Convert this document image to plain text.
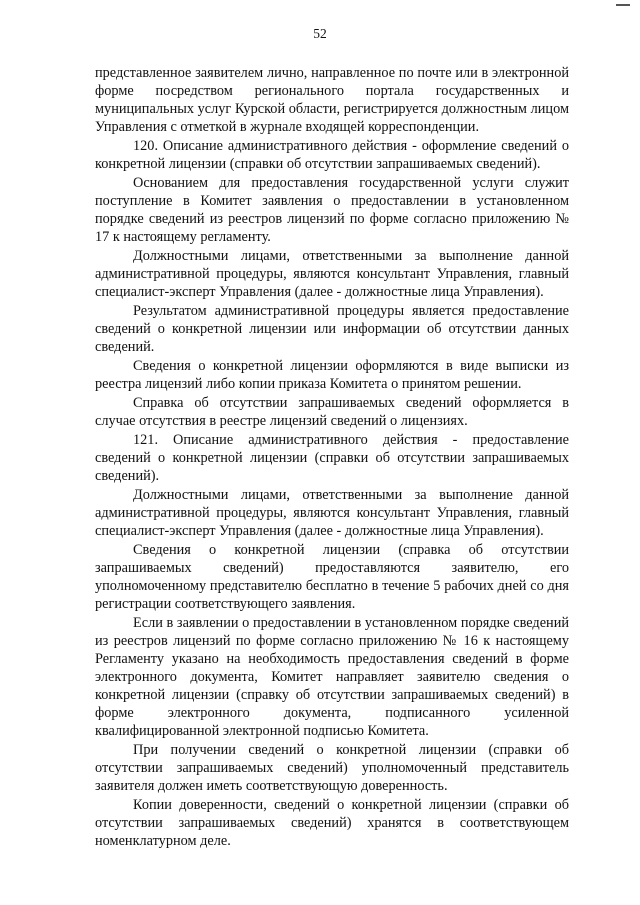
52

представленное заявителем лично, направленное по почте или в электронной форме посредством регионального портала государственных и муниципальных услуг Курской области, регистрируется должностным лицом Управления с отметкой в журнале входящей корреспонденции.

120. Описание административного действия - оформление сведений о конкретной лицензии (справки об отсутствии запрашиваемых сведений).

Основанием для предоставления государственной услуги служит поступление в Комитет заявления о предоставлении в установленном порядке сведений из реестров лицензий по форме согласно приложению № 17 к настоящему регламенту.

Должностными лицами, ответственными за выполнение данной административной процедуры, являются консультант Управления, главный специалист-эксперт Управления (далее - должностные лица Управления).

Результатом административной процедуры является предоставление сведений о конкретной лицензии или информации об отсутствии данных сведений.

Сведения о конкретной лицензии оформляются в виде выписки из реестра лицензий либо копии приказа Комитета о принятом решении.

Справка об отсутствии запрашиваемых сведений оформляется в случае отсутствия в реестре лицензий сведений о лицензиях.

121. Описание административного действия - предоставление сведений о конкретной лицензии (справки об отсутствии запрашиваемых сведений).

Должностными лицами, ответственными за выполнение данной административной процедуры, являются консультант Управления, главный специалист-эксперт Управления (далее - должностные лица Управления).

Сведения о конкретной лицензии (справка об отсутствии запрашиваемых сведений) предоставляются заявителю, его уполномоченному представителю бесплатно в течение 5 рабочих дней со дня регистрации соответствующего заявления.

Если в заявлении о предоставлении в установленном порядке сведений из реестров лицензий по форме согласно приложению № 16 к настоящему Регламенту указано на необходимость предоставления сведений в форме электронного документа, Комитет направляет заявителю сведения о конкретной лицензии (справку об отсутствии запрашиваемых сведений) в форме электронного документа, подписанного усиленной квалифицированной электронной подписью Комитета.

При получении сведений о конкретной лицензии (справки об отсутствии запрашиваемых сведений) уполномоченный представитель заявителя должен иметь соответствующую доверенность.

Копии доверенности, сведений о конкретной лицензии (справки об отсутствии запрашиваемых сведений) хранятся в соответствующем номенклатурном деле.
